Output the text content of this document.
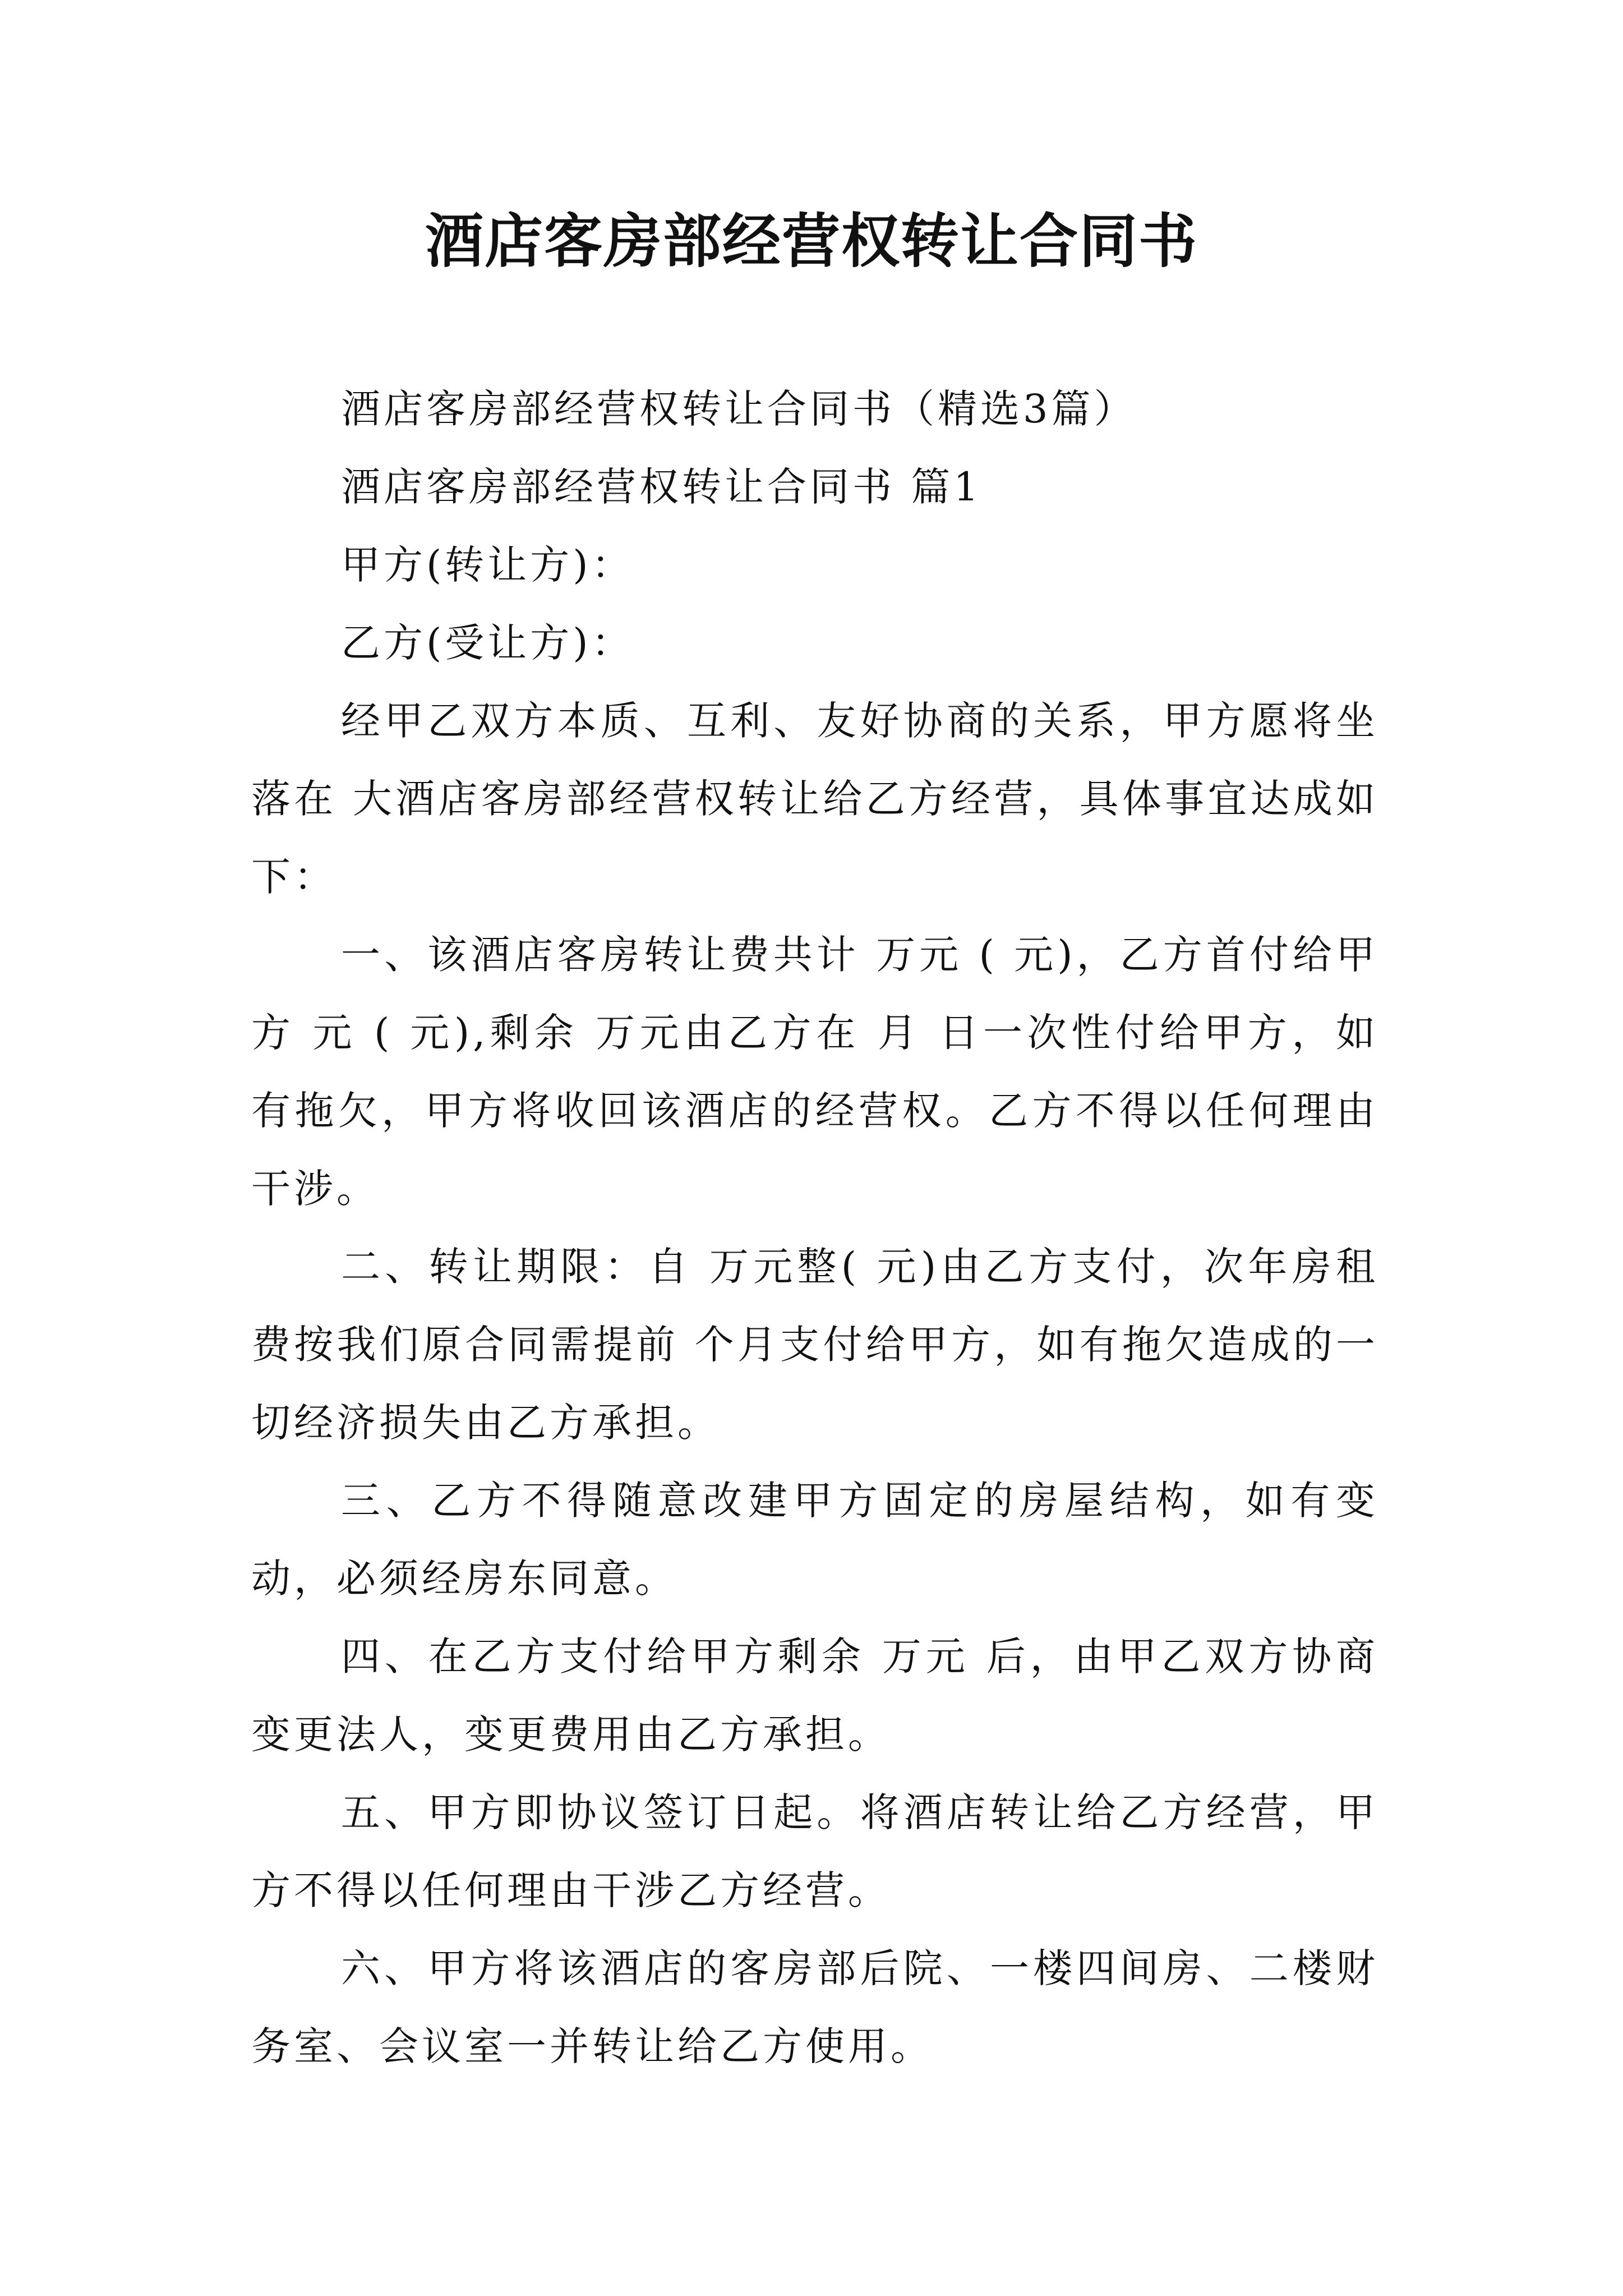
酒店客房部经营权转让合同书

酒店客房部经营权转让合同书（精选3篇）

酒店客房部经营权转让合同书 篇1

甲方(转让方)：

乙方(受让方)：

经甲乙双方本质、互利、友好协商的关系，甲方愿将坐落在 大酒店客房部经营权转让给乙方经营，具体事宜达成如下：

一、该酒店客房转让费共计 万元 ( 元)，乙方首付给甲方 元 ( 元),剩余 万元由乙方在 月 日一次性付给甲方，如有拖欠，甲方将收回该酒店的经营权。乙方不得以任何理由干涉。

二、转让期限：自 万元整( 元)由乙方支付，次年房租费按我们原合同需提前 个月支付给甲方，如有拖欠造成的一切经济损失由乙方承担。

三、乙方不得随意改建甲方固定的房屋结构，如有变动，必须经房东同意。

四、在乙方支付给甲方剩余 万元 后，由甲乙双方协商变更法人，变更费用由乙方承担。

五、甲方即协议签订日起。将酒店转让给乙方经营，甲方不得以任何理由干涉乙方经营。

六、甲方将该酒店的客房部后院、一楼四间房、二楼财务室、会议室一并转让给乙方使用。
